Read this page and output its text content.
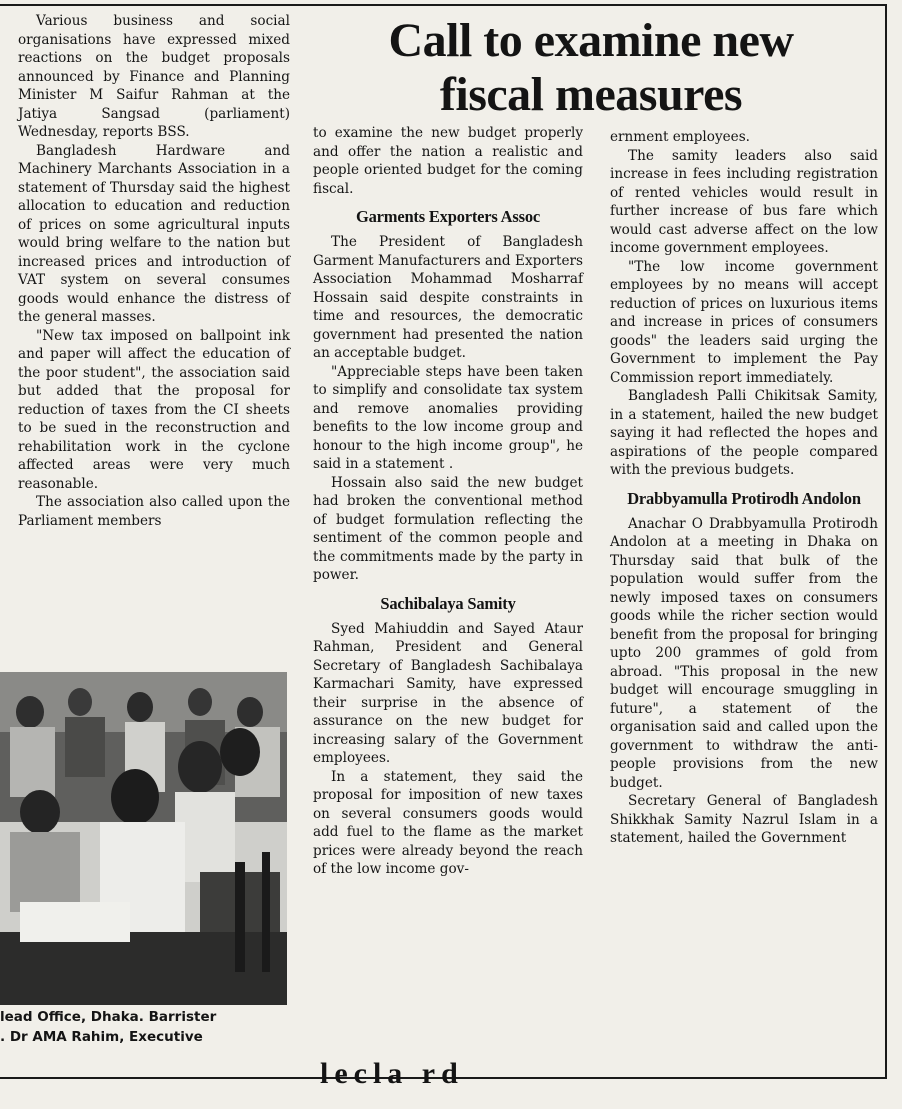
Call to examine new
fiscal measures

Various business and social organisations have expressed mixed reactions on the budget proposals announced by Finance and Planning Minister M Saifur Rahman at the Jatiya Sangsad (parliament) Wednesday, reports BSS.

Bangladesh Hardware and Machinery Marchants Association in a statement of Thursday said the highest allocation to education and reduction of prices on some agricultural inputs would bring welfare to the nation but increased prices and introduction of VAT system on several consumes goods would enhance the distress of the general masses.

"New tax imposed on ballpoint ink and paper will affect the education of the poor student", the association said but added that the proposal for reduction of taxes from the CI sheets to be sued in the reconstruction and rehabilitation work in the cyclone affected areas were very much reasonable.

The association also called upon the Parliament members

lead Office, Dhaka. Barrister
. Dr AMA Rahim, Executive

to examine the new budget properly and offer the nation a realistic and people oriented budget for the coming fiscal.

Garments Exporters Assoc

The President of Bangladesh Garment Manufacturers and Exporters Association Mohammad Mosharraf Hossain said despite constraints in time and resources, the democratic government had presented the nation an acceptable budget.

"Appreciable steps have been taken to simplify and consolidate tax system and remove anomalies providing benefits to the low income group and honour to the high income group", he said in a statement .

Hossain also said the new budget had broken the conventional method of budget formulation reflecting the sentiment of the common people and the commitments made by the party in power.

Sachibalaya Samity

Syed Mahiuddin and Sayed Ataur Rahman, President and General Secretary of Bangladesh Sachibalaya Karmachari Samity, have expressed their surprise in the absence of assurance on the new budget for increasing salary of the Government employees.

In a statement, they said the proposal for imposition of new taxes on several consumers goods would add fuel to the flame as the market prices were already beyond the reach of the low income gov-

ernment employees.

The samity leaders also said increase in fees including registration of rented vehicles would result in further increase of bus fare which would cast adverse affect on the low income government employees.

"The low income government employees by no means will accept reduction of prices on luxurious items and increase in prices of consumers goods" the leaders said urging the Government to implement the Pay Commission report immediately.

Bangladesh Palli Chikitsak Samity, in a statement, hailed the new budget saying it had reflected the hopes and aspirations of the people compared with the previous budgets.

Drabbyamulla Protirodh Andolon

Anachar O Drabbyamulla Protirodh Andolon at a meeting in Dhaka on Thursday said that bulk of the population would suffer from the newly imposed taxes on consumers goods while the richer section would benefit from the proposal for bringing upto 200 grammes of gold from abroad. "This proposal in the new budget will encourage smuggling in future", a statement of the organisation said and called upon the government to withdraw the anti-people provisions from the new budget.

Secretary General of Bangladesh Shikkhak Samity Nazrul Islam in a statement, hailed the Government

lecla rd
